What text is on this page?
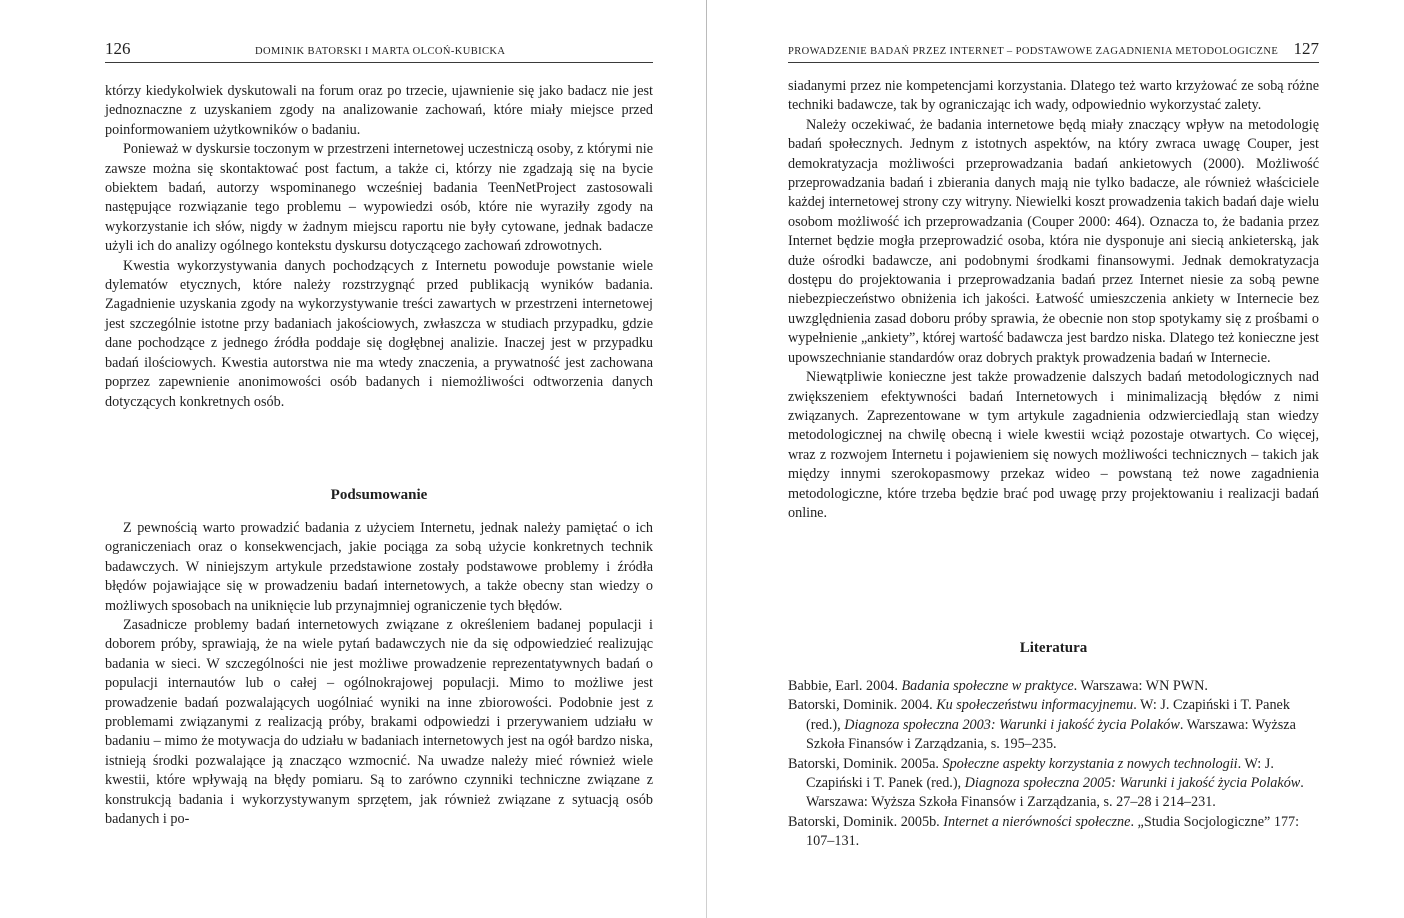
126	DOMINIK BATORSKI I MARTA OLCOŃ-KUBICKA

którzy kiedykolwiek dyskutowali na forum oraz po trzecie, ujawnienie się jako badacz nie jest jednoznaczne z uzyskaniem zgody na analizowanie zachowań, które miały miejsce przed poinformowaniem użytkowników o badaniu.

Ponieważ w dyskursie toczonym w przestrzeni internetowej uczestniczą osoby, z którymi nie zawsze można się skontaktować post factum, a także ci, którzy nie zgadzają się na bycie obiektem badań, autorzy wspominanego wcześniej badania TeenNetProject zastosowali następujące rozwiązanie tego problemu – wypowiedzi osób, które nie wyraziły zgody na wykorzystanie ich słów, nigdy w żadnym miejscu raportu nie były cytowane, jednak badacze użyli ich do analizy ogólnego kontekstu dyskursu dotyczącego zachowań zdrowotnych.

Kwestia wykorzystywania danych pochodzących z Internetu powoduje powstanie wiele dylematów etycznych, które należy rozstrzygnąć przed publikacją wyników badania. Zagadnienie uzyskania zgody na wykorzystywanie treści zawartych w przestrzeni internetowej jest szczególnie istotne przy badaniach jakościowych, zwłaszcza w studiach przypadku, gdzie dane pochodzące z jednego źródła poddaje się dogłębnej analizie. Inaczej jest w przypadku badań ilościowych. Kwestia autorstwa nie ma wtedy znaczenia, a prywatność jest zachowana poprzez zapewnienie anonimowości osób badanych i niemożliwości odtworzenia danych dotyczących konkretnych osób.

Podsumowanie

Z pewnością warto prowadzić badania z użyciem Internetu, jednak należy pamiętać o ich ograniczeniach oraz o konsekwencjach, jakie pociąga za sobą użycie konkretnych technik badawczych. W niniejszym artykule przedstawione zostały podstawowe problemy i źródła błędów pojawiające się w prowadzeniu badań internetowych, a także obecny stan wiedzy o możliwych sposobach na uniknięcie lub przynajmniej ograniczenie tych błędów.

Zasadnicze problemy badań internetowych związane z określeniem badanej populacji i doborem próby, sprawiają, że na wiele pytań badawczych nie da się odpowiedzieć realizując badania w sieci. W szczególności nie jest możliwe prowadzenie reprezentatywnych badań o populacji internautów lub o całej – ogólnokrajowej populacji. Mimo to możliwe jest prowadzenie badań pozwalających uogólniać wyniki na inne zbiorowości. Podobnie jest z problemami związanymi z realizacją próby, brakami odpowiedzi i przerywaniem udziału w badaniu – mimo że motywacja do udziału w badaniach internetowych jest na ogół bardzo niska, istnieją środki pozwalające ją znacząco wzmocnić. Na uwadze należy mieć również wiele kwestii, które wpływają na błędy pomiaru. Są to zarówno czynniki techniczne związane z konstrukcją badania i wykorzystywanym sprzętem, jak również związane z sytuacją osób badanych i po-

PROWADZENIE BADAŃ PRZEZ INTERNET – PODSTAWOWE ZAGADNIENIA METODOLOGICZNE 127

siadanymi przez nie kompetencjami korzystania. Dlatego też warto krzyżować ze sobą różne techniki badawcze, tak by ograniczając ich wady, odpowiednio wykorzystać zalety.

Należy oczekiwać, że badania internetowe będą miały znaczący wpływ na metodologię badań społecznych. Jednym z istotnych aspektów, na który zwraca uwagę Couper, jest demokratyzacja możliwości przeprowadzania badań ankietowych (2000). Możliwość przeprowadzania badań i zbierania danych mają nie tylko badacze, ale również właściciele każdej internetowej strony czy witryny. Niewielki koszt prowadzenia takich badań daje wielu osobom możliwość ich przeprowadzania (Couper 2000: 464). Oznacza to, że badania przez Internet będzie mogła przeprowadzić osoba, która nie dysponuje ani siecią ankieterską, jak duże ośrodki badawcze, ani podobnymi środkami finansowymi. Jednak demokratyzacja dostępu do projektowania i przeprowadzania badań przez Internet niesie za sobą pewne niebezpieczeństwo obniżenia ich jakości. Łatwość umieszczenia ankiety w Internecie bez uwzględnienia zasad doboru próby sprawia, że obecnie non stop spotykamy się z prośbami o wypełnienie „ankiety”, której wartość badawcza jest bardzo niska. Dlatego też konieczne jest upowszechnianie standardów oraz dobrych praktyk prowadzenia badań w Internecie.

Niewątpliwie konieczne jest także prowadzenie dalszych badań metodologicznych nad zwiększeniem efektywności badań Internetowych i minimalizacją błędów z nimi związanych. Zaprezentowane w tym artykule zagadnienia odzwierciedlają stan wiedzy metodologicznej na chwilę obecną i wiele kwestii wciąż pozostaje otwartych. Co więcej, wraz z rozwojem Internetu i pojawieniem się nowych możliwości technicznych – takich jak między innymi szerokopasmowy przekaz wideo – powstaną też nowe zagadnienia metodologiczne, które trzeba będzie brać pod uwagę przy projektowaniu i realizacji badań online.

Literatura
Babbie, Earl. 2004. Badania społeczne w praktyce. Warszawa: WN PWN.
Batorski, Dominik. 2004. Ku społeczeństwu informacyjnemu. W: J. Czapiński i T. Panek (red.), Diagnoza społeczna 2003: Warunki i jakość życia Polaków. Warszawa: Wyższa Szkoła Finansów i Zarządzania, s. 195–235.
Batorski, Dominik. 2005a. Społeczne aspekty korzystania z nowych technologii. W: J. Czapiński i T. Panek (red.), Diagnoza społeczna 2005: Warunki i jakość życia Polaków. Warszawa: Wyższa Szkoła Finansów i Zarządzania, s. 27–28 i 214–231.
Batorski, Dominik. 2005b. Internet a nierówności społeczne. „Studia Socjologiczne” 177: 107–131.
